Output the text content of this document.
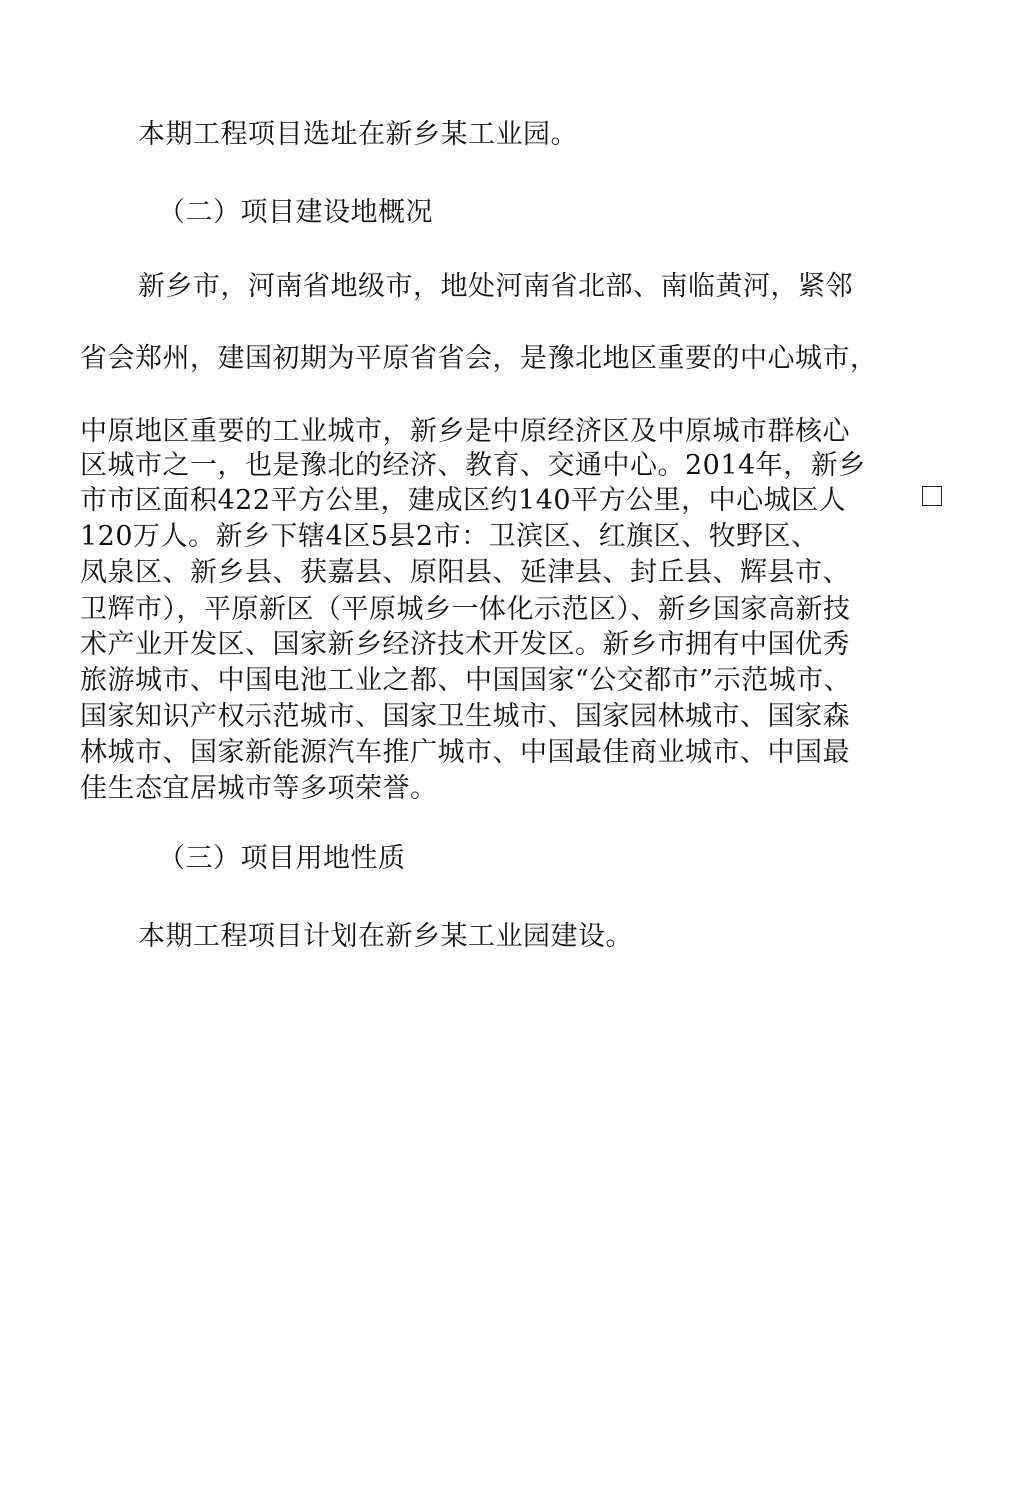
本期工程项目选址在新乡某工业园。
（二）项目建设地概况
新乡市，河南省地级市，地处河南省北部、南临黄河，紧邻
省会郑州，建国初期为平原省省会，是豫北地区重要的中心城市，
中原地区重要的工业城市，新乡是中原经济区及中原城市群核心
区城市之一，也是豫北的经济、教育、交通中心。2014年，新乡
市市区面积422平方公里，建成区约140平方公里，中心城区人
120万人。新乡下辖4区5县2市：卫滨区、红旗区、牧野区、
凤泉区、新乡县、获嘉县、原阳县、延津县、封丘县、辉县市、
卫辉市），平原新区（平原城乡一体化示范区）、新乡国家高新技
术产业开发区、国家新乡经济技术开发区。新乡市拥有中国优秀
旅游城市、中国电池工业之都、中国国家“公交都市”示范城市、
国家知识产权示范城市、国家卫生城市、国家园林城市、国家森
林城市、国家新能源汽车推广城市、中国最佳商业城市、中国最
佳生态宜居城市等多项荣誉。
（三）项目用地性质
本期工程项目计划在新乡某工业园建设。
